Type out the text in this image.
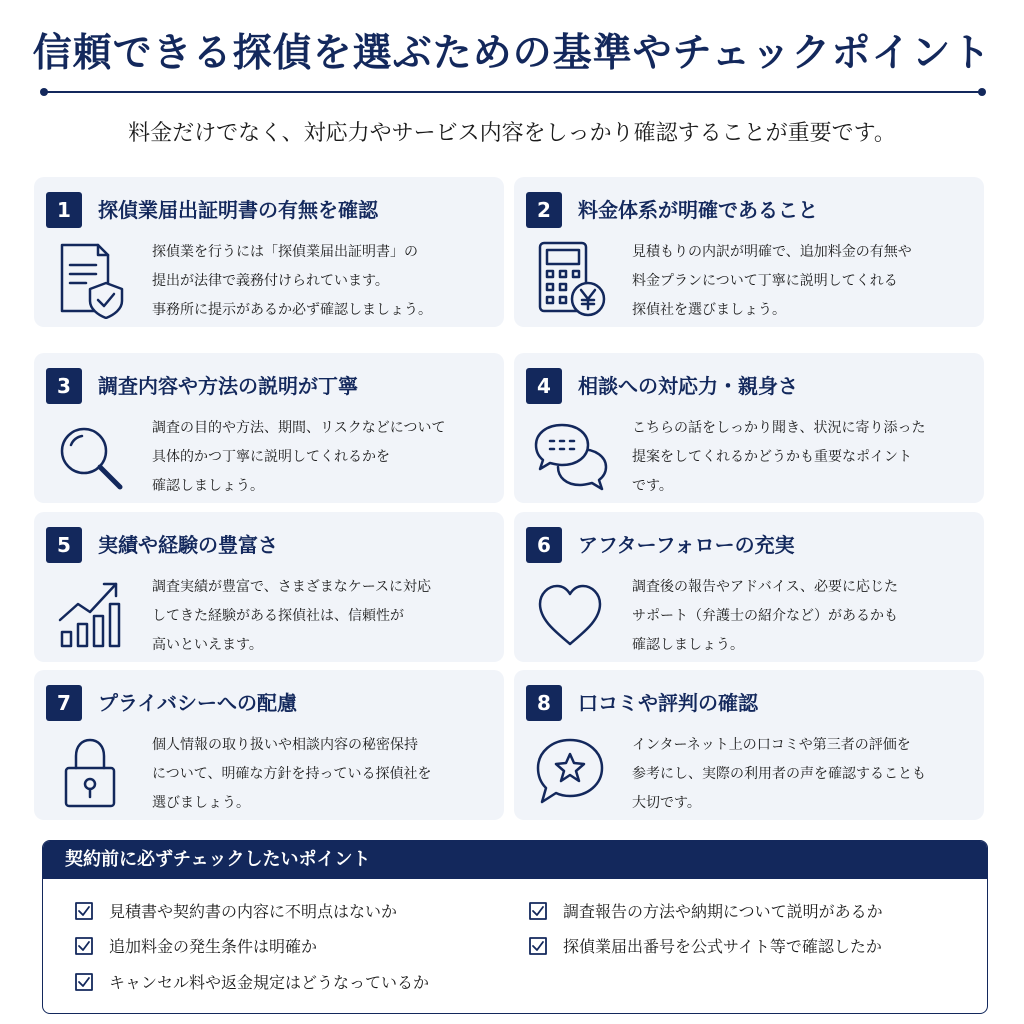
信頼できる探偵を選ぶための基準やチェックポイント
料金だけでなく、対応力やサービス内容をしっかり確認することが重要です。
1	探偵業届出証明書の有無を確認
探偵業を行うには「探偵業届出証明書」の
提出が法律で義務付けられています。
事務所に提示があるか必ず確認しましょう。
2	料金体系が明確であること
見積もりの内訳が明確で、追加料金の有無や
料金プランについて丁寧に説明してくれる
探偵社を選びましょう。
3	調査内容や方法の説明が丁寧
調査の目的や方法、期間、リスクなどについて
具体的かつ丁寧に説明してくれるかを
確認しましょう。
4	相談への対応力・親身さ
こちらの話をしっかり聞き、状況に寄り添った
提案をしてくれるかどうかも重要なポイント
です。
5	実績や経験の豊富さ
調査実績が豊富で、さまざまなケースに対応
してきた経験がある探偵社は、信頼性が
高いといえます。
6	アフターフォローの充実
調査後の報告やアドバイス、必要に応じた
サポート（弁護士の紹介など）があるかも
確認しましょう。
7	プライバシーへの配慮
個人情報の取り扱いや相談内容の秘密保持
について、明確な方針を持っている探偵社を
選びましょう。
8	口コミや評判の確認
インターネット上の口コミや第三者の評価を
参考にし、実際の利用者の声を確認することも
大切です。
契約前に必ずチェックしたいポイント
見積書や契約書の内容に不明点はないか
追加料金の発生条件は明確か
キャンセル料や返金規定はどうなっているか
調査報告の方法や納期について説明があるか
探偵業届出番号を公式サイト等で確認したか
